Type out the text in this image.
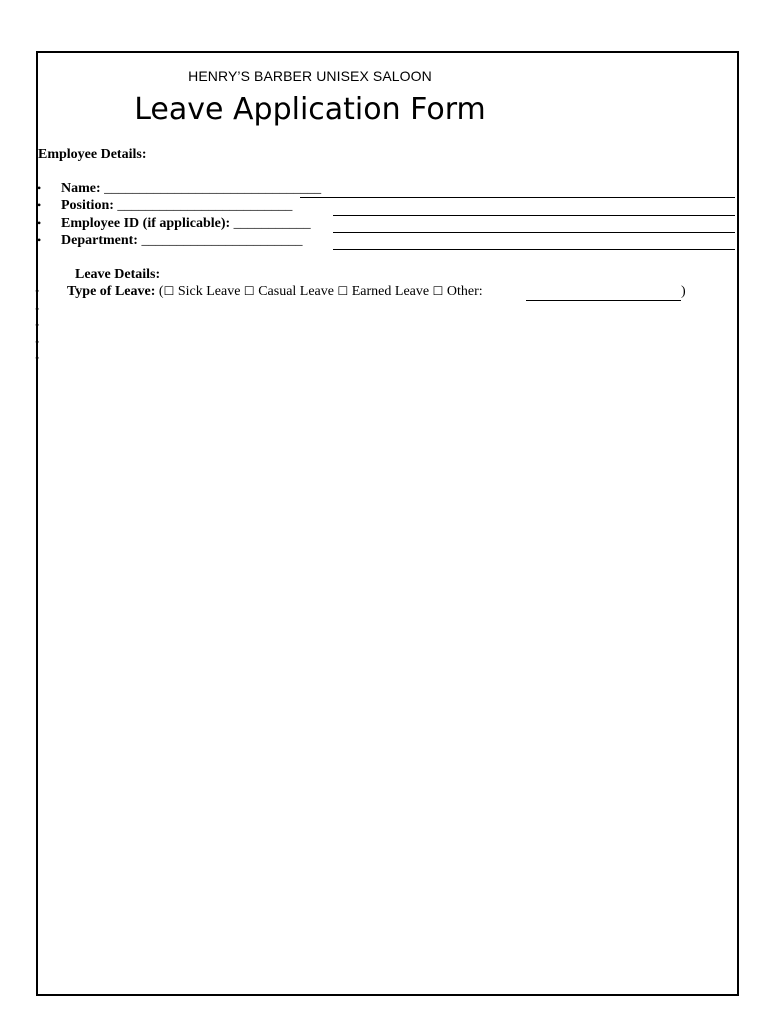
HENRY’S BARBER UNISEX SALOON
Leave Application Form
Employee Details:
• Name: _______________________________
• Position: _________________________
• Employee ID (if applicable): ___________
• Department: _______________________
Leave Details:
• Type of Leave: (☐ Sick Leave ☐ Casual Leave ☐ Earned Leave ☐ Other:	)
•
•
•
•
